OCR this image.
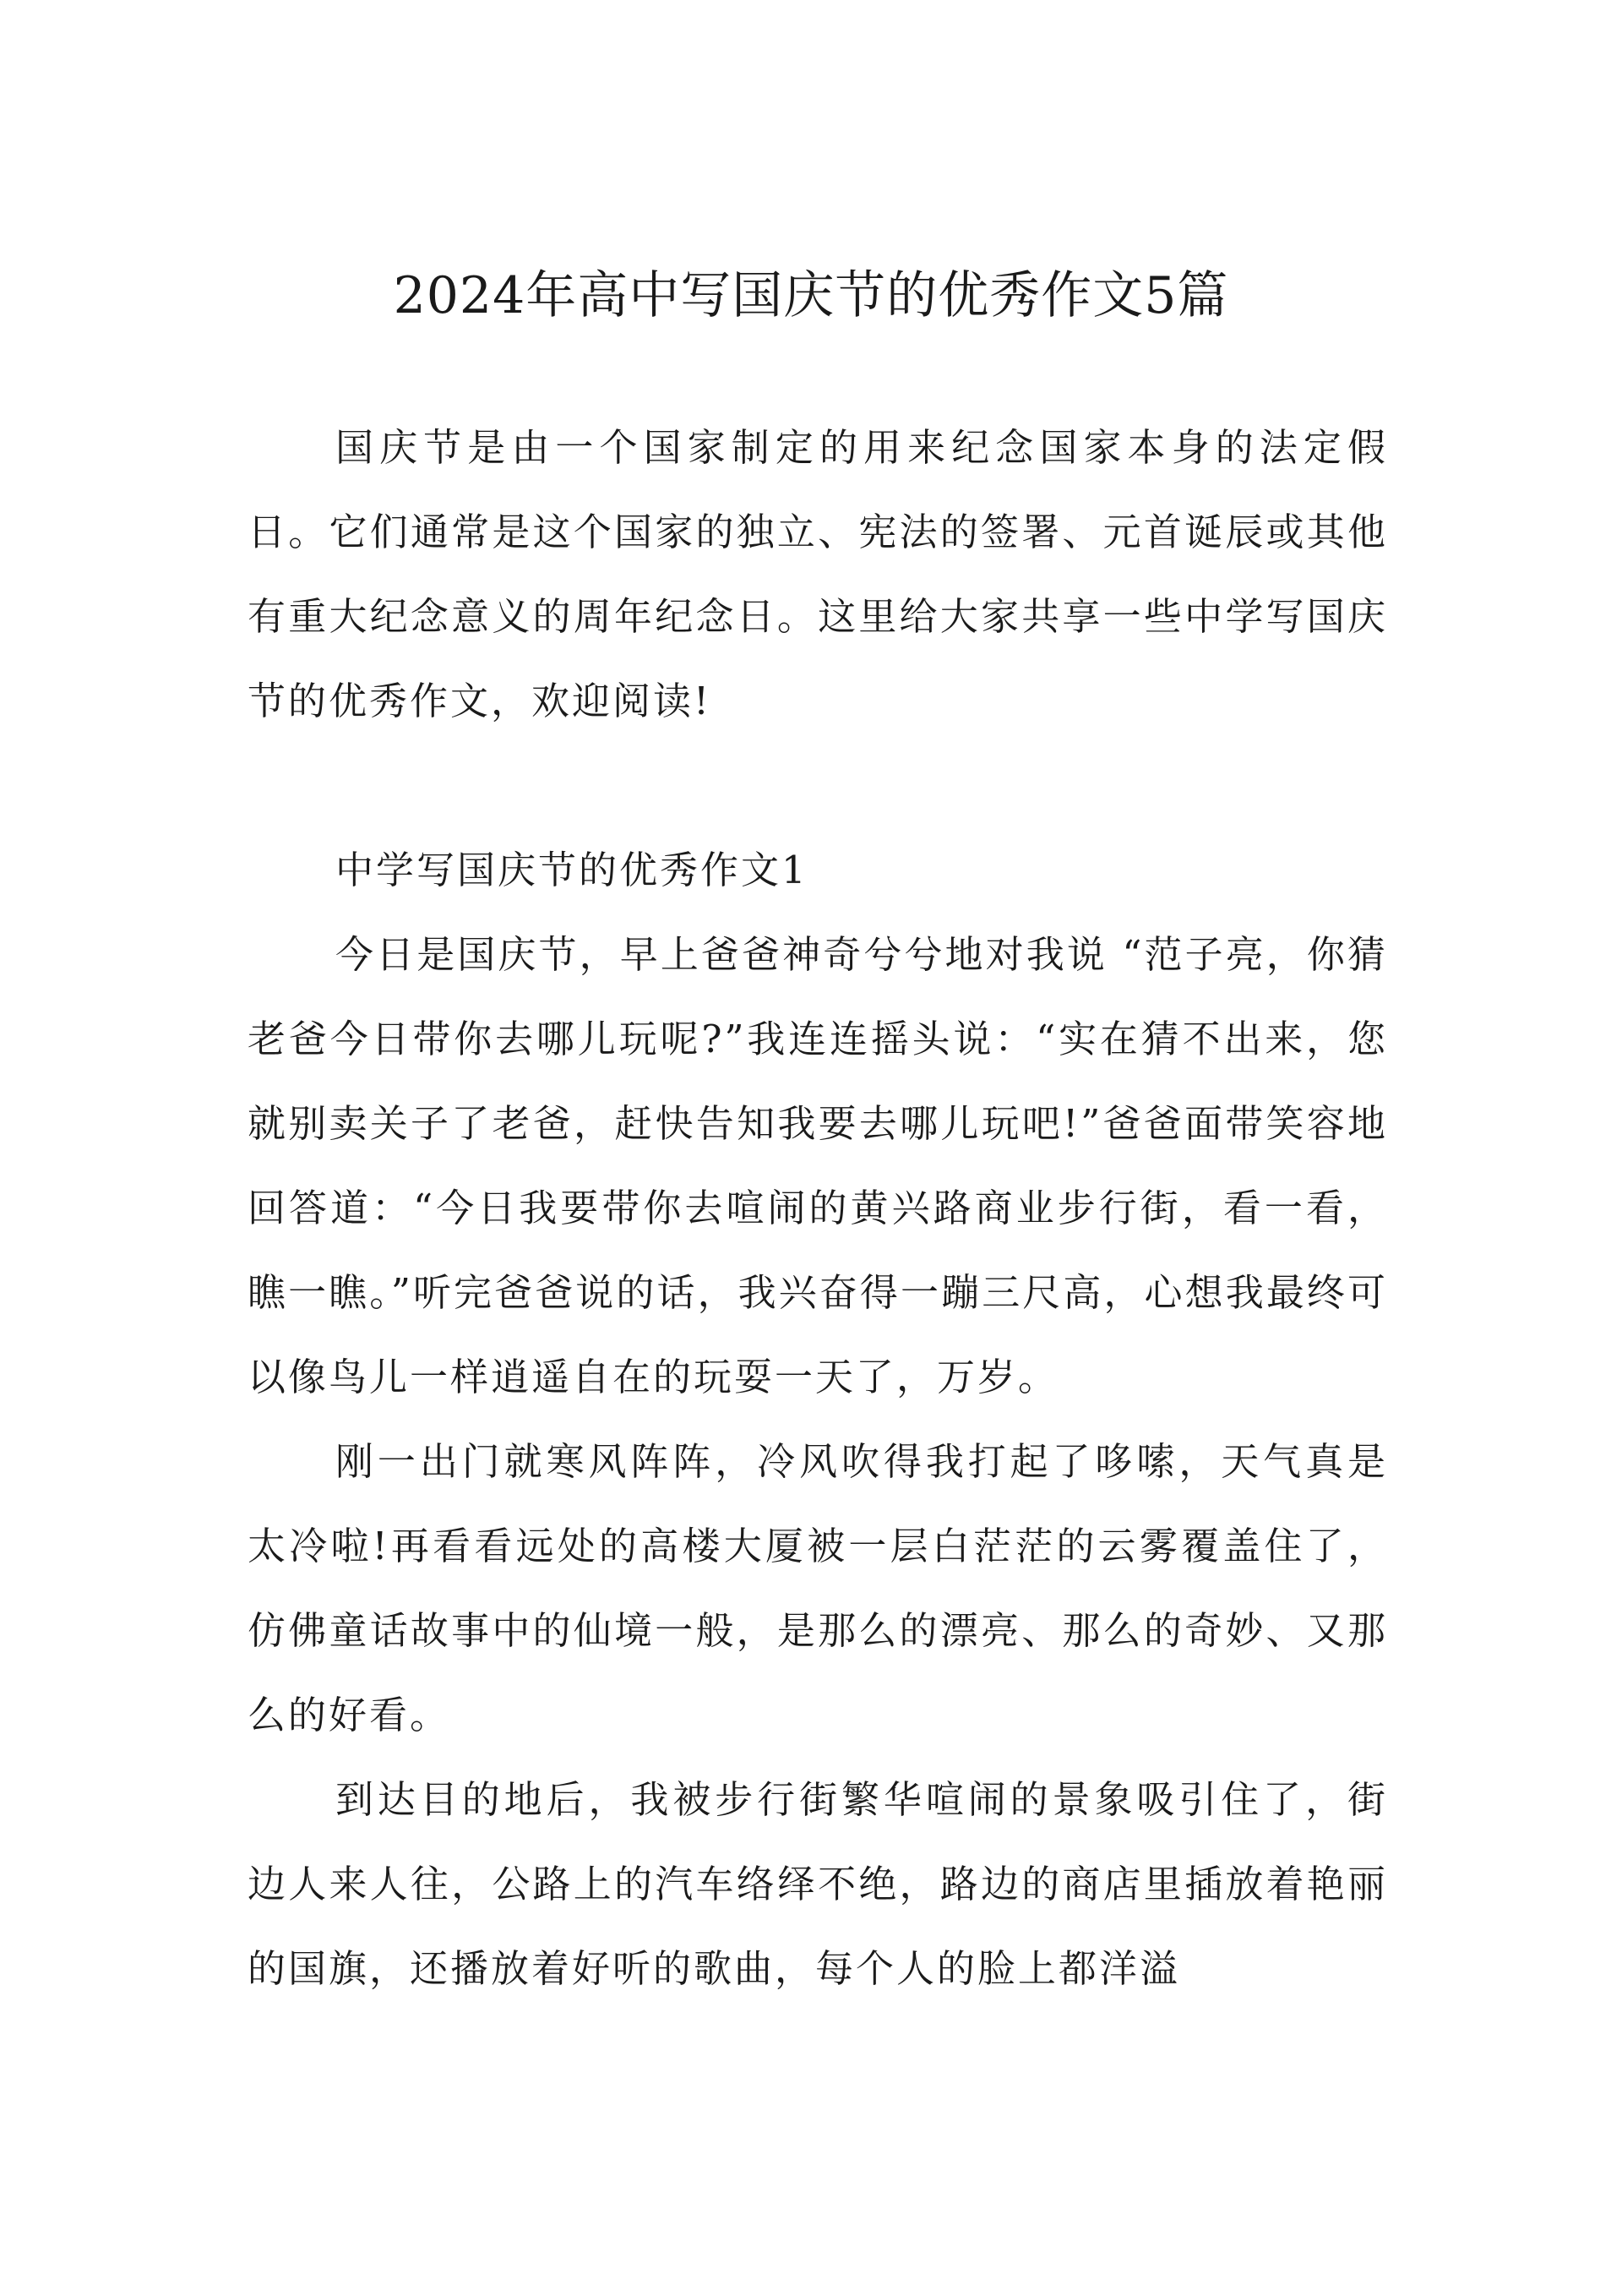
2024年高中写国庆节的优秀作文5篇

国庆节是由一个国家制定的用来纪念国家本身的法定假日。它们通常是这个国家的独立、宪法的签署、元首诞辰或其他有重大纪念意义的周年纪念日。这里给大家共享一些中学写国庆节的优秀作文，欢迎阅读!

中学写国庆节的优秀作文1

今日是国庆节，早上爸爸神奇兮兮地对我说 “范子亮，你猜老爸今日带你去哪儿玩呢?”我连连摇头说：“实在猜不出来，您就别卖关子了老爸，赶快告知我要去哪儿玩吧!”爸爸面带笑容地回答道：“今日我要带你去喧闹的黄兴路商业步行街，看一看，瞧一瞧。”听完爸爸说的话，我兴奋得一蹦三尺高，心想我最终可以像鸟儿一样逍遥自在的玩耍一天了，万岁。

刚一出门就寒风阵阵，冷风吹得我打起了哆嗦，天气真是太冷啦!再看看远处的高楼大厦被一层白茫茫的云雾覆盖住了，仿佛童话故事中的仙境一般，是那么的漂亮、那么的奇妙、又那么的好看。

到达目的地后，我被步行街繁华喧闹的景象吸引住了，街边人来人往，公路上的汽车络绎不绝，路边的商店里插放着艳丽的国旗，还播放着好听的歌曲，每个人的脸上都洋溢
